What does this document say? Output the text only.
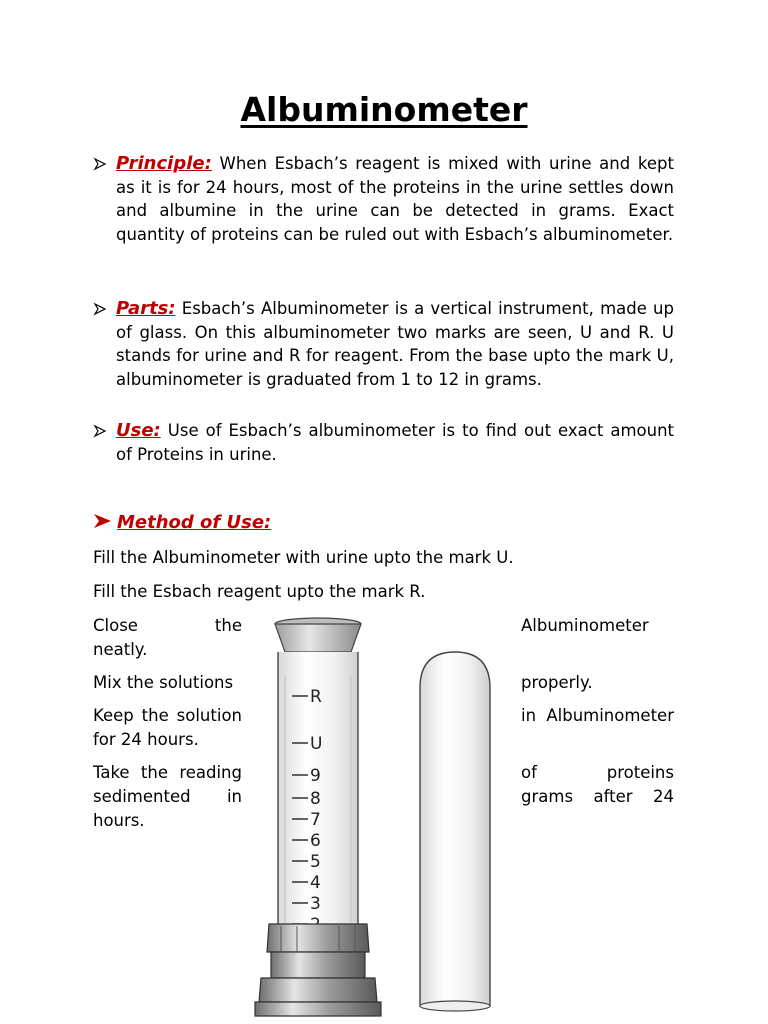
Albuminometer

Principle: When Esbach’s reagent is mixed with urine and kept as it is for 24 hours, most of the proteins in the urine settles down and albumine in the urine can be detected in grams. Exact quantity of proteins can be ruled out with Esbach’s albuminometer.

Parts: Esbach’s Albuminometer is a vertical instrument, made up of glass. On this albuminometer two marks are seen, U and R. U stands for urine and R for reagent. From the base upto the mark U, albuminometer is graduated from 1 to 12 in grams.

Use: Use of Esbach’s albuminometer is to find out exact amount of Proteins in urine.

Method of Use:
Fill the Albuminometer with urine upto the mark U.
Fill the Esbach reagent upto the mark R.
Close the	Albuminometer
neatly.
Mix the solutions	properly.
Keep the solution	in Albuminometer
for 24 hours.
Take the reading	of proteins
sedimented in	grams after 24
hours.
R
U
9
8
7
6
5
4
3
